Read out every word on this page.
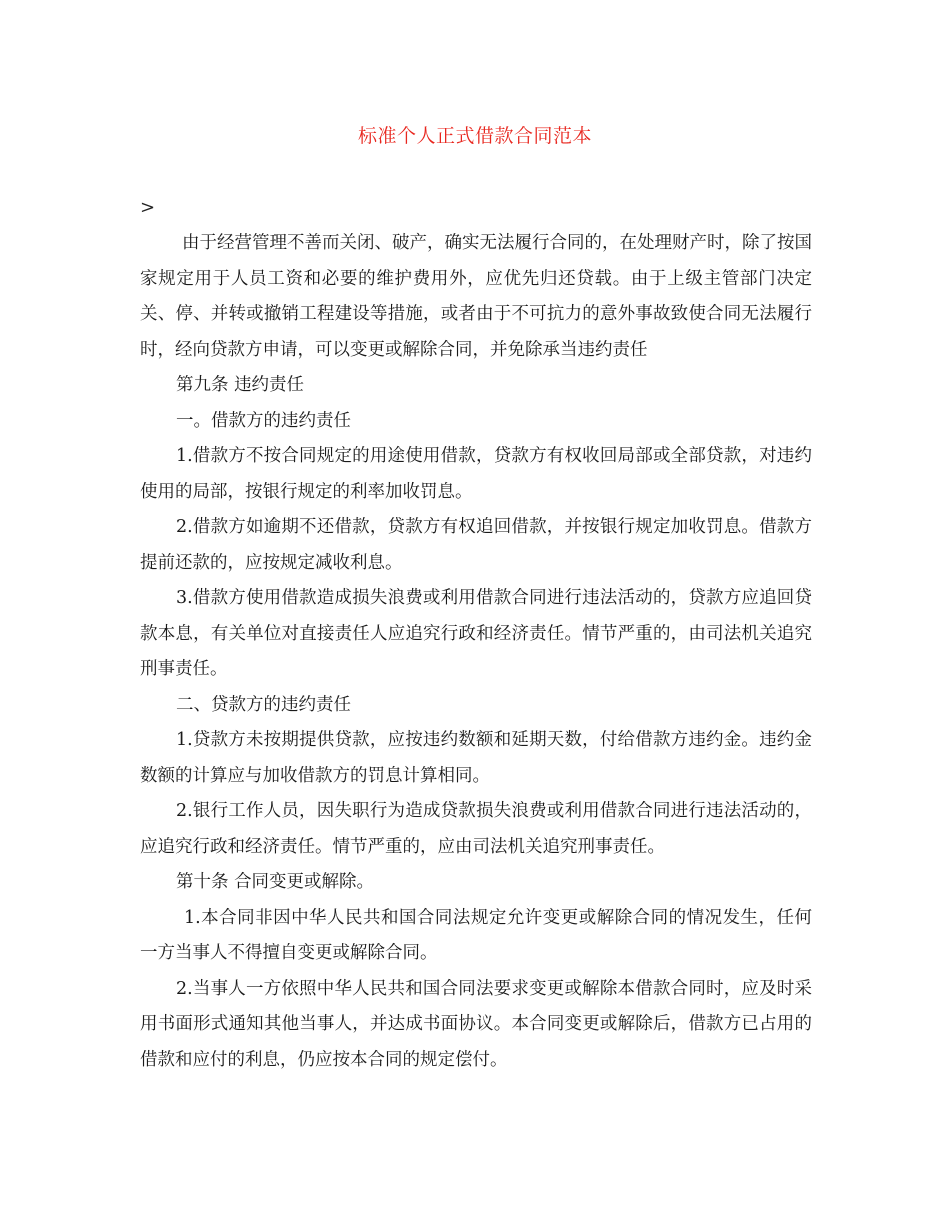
标准个人正式借款合同范本
>

由于经营管理不善而关闭、破产，确实无法履行合同的，在处理财产时，除了按国家规定用于人员工资和必要的维护费用外，应优先归还贷载。由于上级主管部门决定关、停、并转或撤销工程建设等措施，或者由于不可抗力的意外事故致使合同无法履行时，经向贷款方申请，可以变更或解除合同，并免除承当违约责任

第九条 违约责任

一。借款方的违约责任

1.借款方不按合同规定的用途使用借款，贷款方有权收回局部或全部贷款，对违约使用的局部，按银行规定的利率加收罚息。

2.借款方如逾期不还借款，贷款方有权追回借款，并按银行规定加收罚息。借款方提前还款的，应按规定减收利息。

3.借款方使用借款造成损失浪费或利用借款合同进行违法活动的，贷款方应追回贷款本息，有关单位对直接责任人应追究行政和经济责任。情节严重的，由司法机关追究刑事责任。

二、贷款方的违约责任

1.贷款方未按期提供贷款，应按违约数额和延期天数，付给借款方违约金。违约金数额的计算应与加收借款方的罚息计算相同。

2.银行工作人员，因失职行为造成贷款损失浪费或利用借款合同进行违法活动的，应追究行政和经济责任。情节严重的，应由司法机关追究刑事责任。

第十条 合同变更或解除。

1.本合同非因中华人民共和国合同法规定允许变更或解除合同的情况发生，任何一方当事人不得擅自变更或解除合同。

2.当事人一方依照中华人民共和国合同法要求变更或解除本借款合同时，应及时采用书面形式通知其他当事人，并达成书面协议。本合同变更或解除后，借款方已占用的借款和应付的利息，仍应按本合同的规定偿付。
